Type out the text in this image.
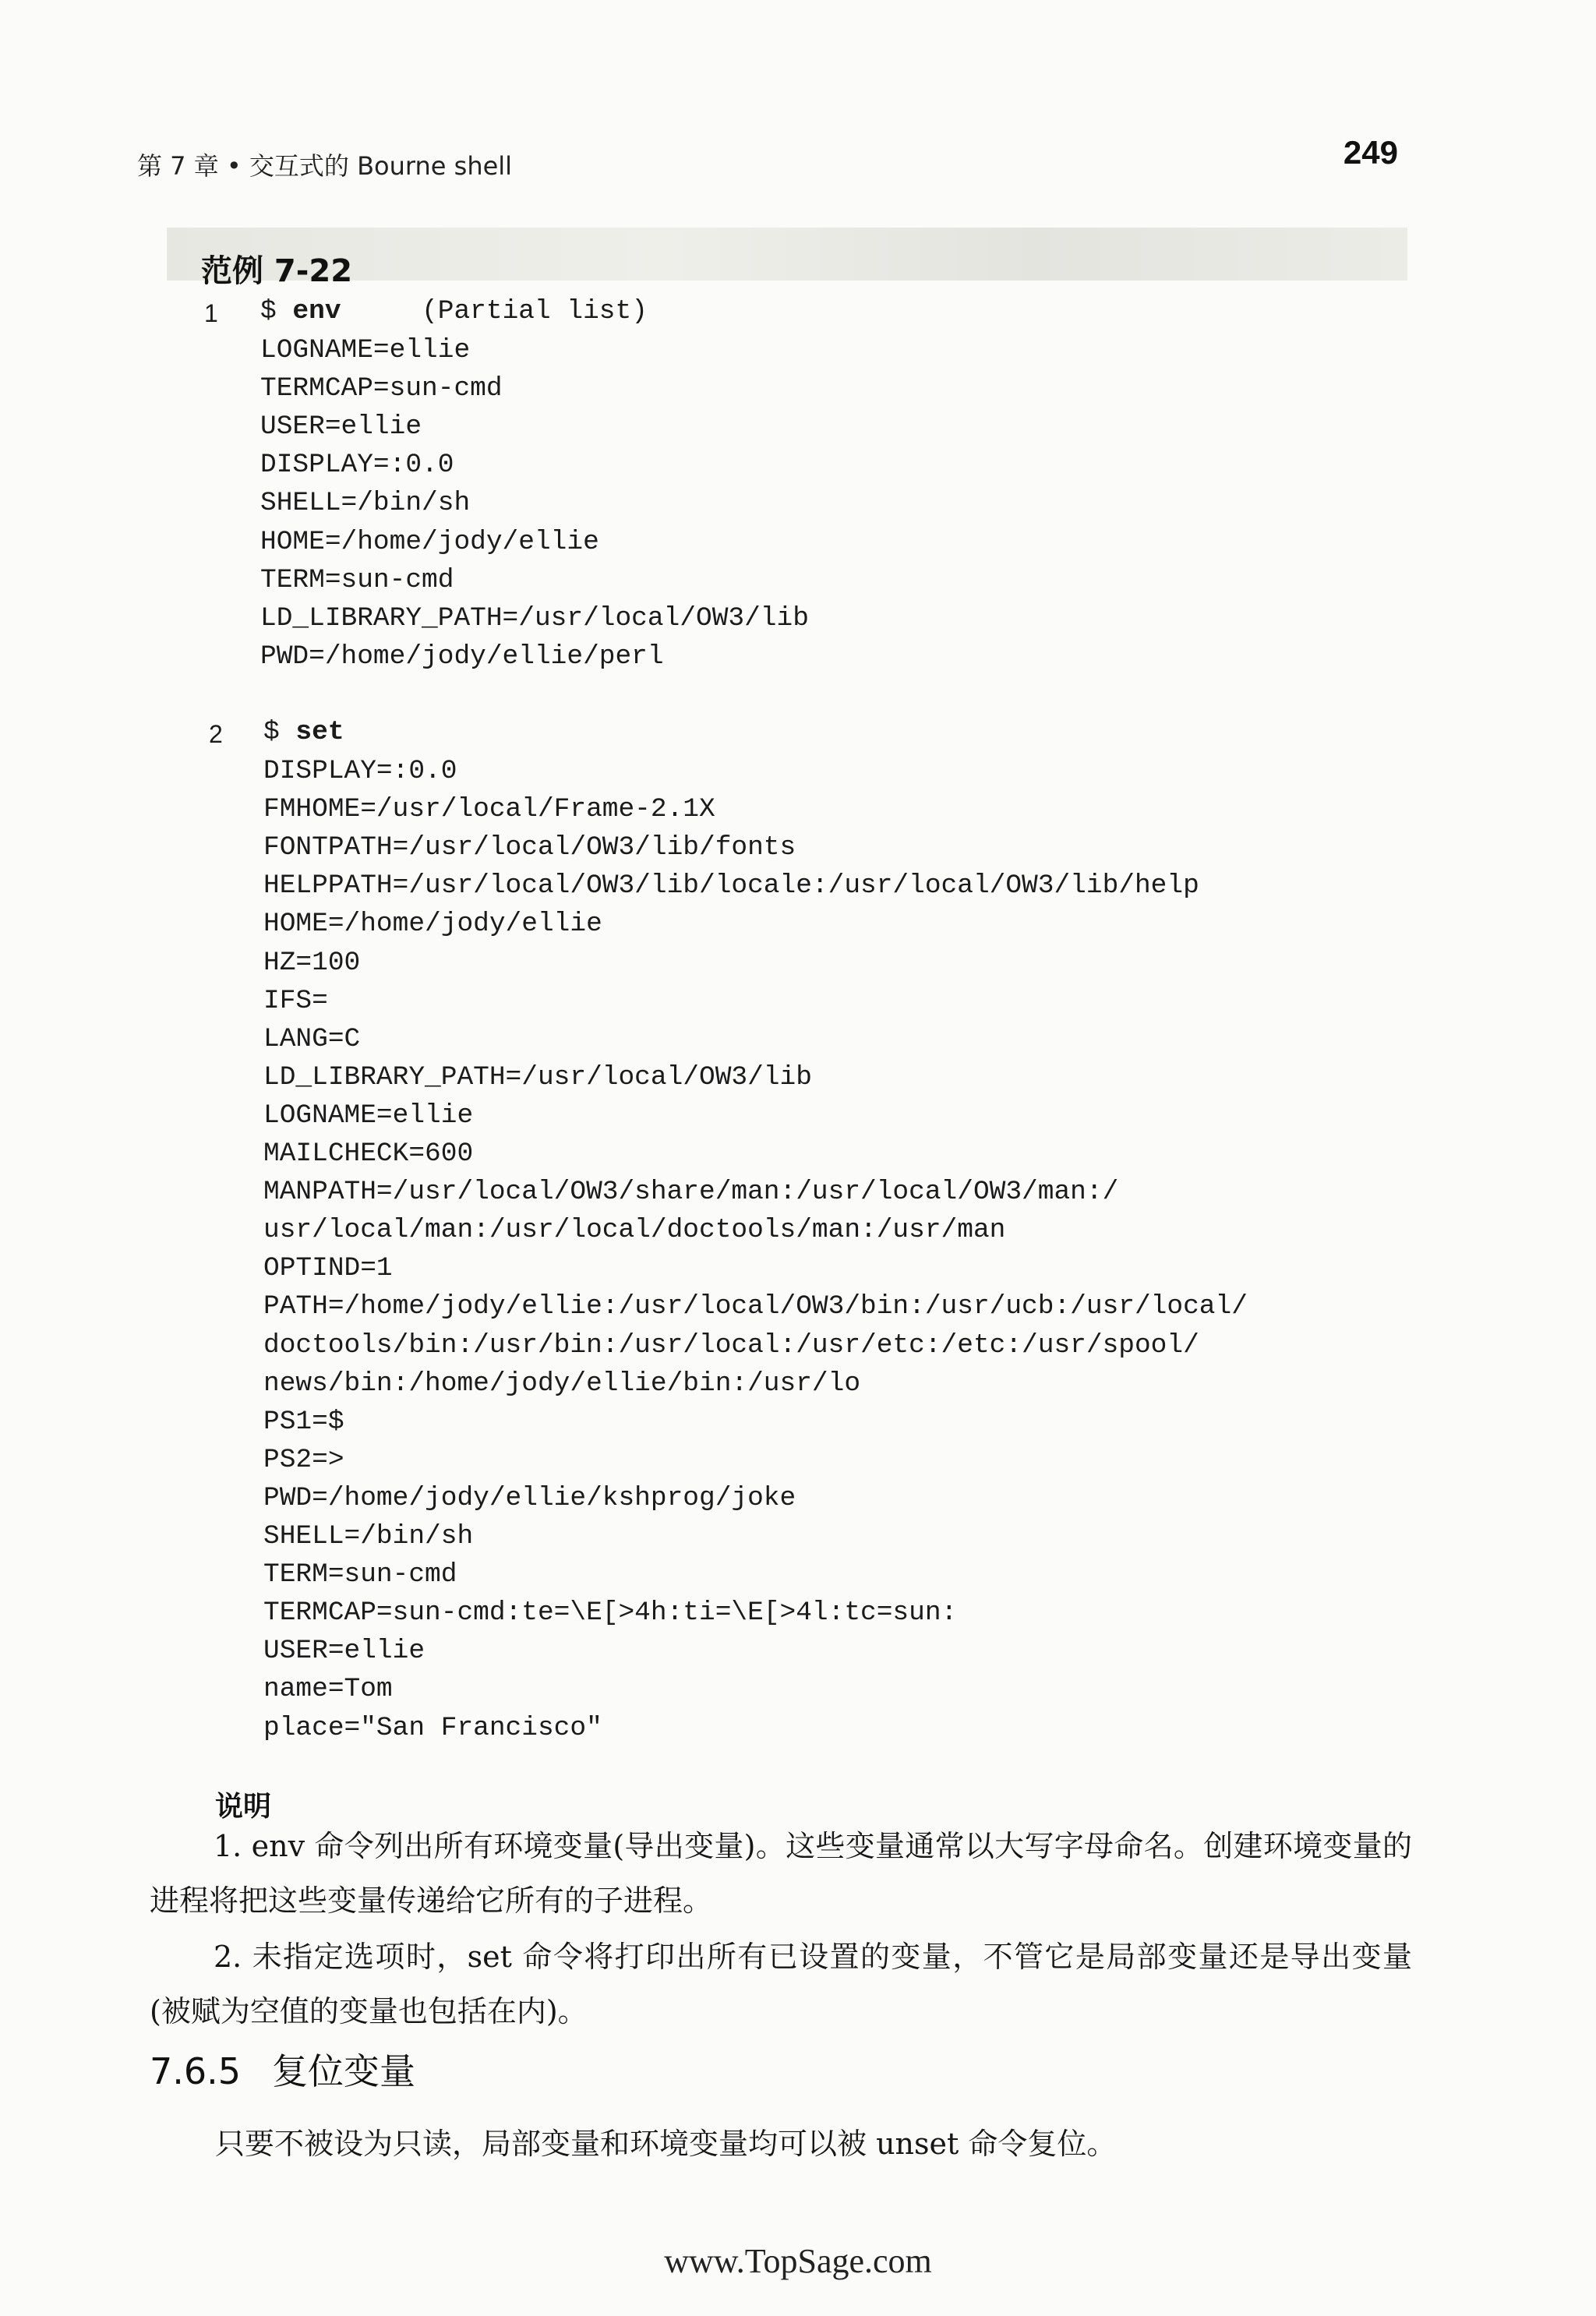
第 7 章 • 交互式的 Bourne shell	249
范例 7-22
1 $ env     (Partial list)
LOGNAME=ellie
TERMCAP=sun-cmd
USER=ellie
DISPLAY=:0.0
SHELL=/bin/sh
HOME=/home/jody/ellie
TERM=sun-cmd
LD_LIBRARY_PATH=/usr/local/OW3/lib
PWD=/home/jody/ellie/perl
2 $ set
DISPLAY=:0.0
FMHOME=/usr/local/Frame-2.1X
FONTPATH=/usr/local/OW3/lib/fonts
HELPPATH=/usr/local/OW3/lib/locale:/usr/local/OW3/lib/help
HOME=/home/jody/ellie
HZ=100
IFS=
LANG=C
LD_LIBRARY_PATH=/usr/local/OW3/lib
LOGNAME=ellie
MAILCHECK=600
MANPATH=/usr/local/OW3/share/man:/usr/local/OW3/man:/
usr/local/man:/usr/local/doctools/man:/usr/man
OPTIND=1
PATH=/home/jody/ellie:/usr/local/OW3/bin:/usr/ucb:/usr/local/
doctools/bin:/usr/bin:/usr/local:/usr/etc:/etc:/usr/spool/
news/bin:/home/jody/ellie/bin:/usr/lo
PS1=$
PS2=>
PWD=/home/jody/ellie/kshprog/joke
SHELL=/bin/sh
TERM=sun-cmd
TERMCAP=sun-cmd:te=\E[>4h:ti=\E[>4l:tc=sun:
USER=ellie
name=Tom
place="San Francisco"
说明
1. env 命令列出所有环境变量(导出变量)。这些变量通常以大写字母命名。创建环境变量的进程将把这些变量传递给它所有的子进程。
2. 未指定选项时，set 命令将打印出所有已设置的变量，不管它是局部变量还是导出变量(被赋为空值的变量也包括在内)。
7.6.5 复位变量
只要不被设为只读，局部变量和环境变量均可以被 unset 命令复位。
www.TopSage.com
